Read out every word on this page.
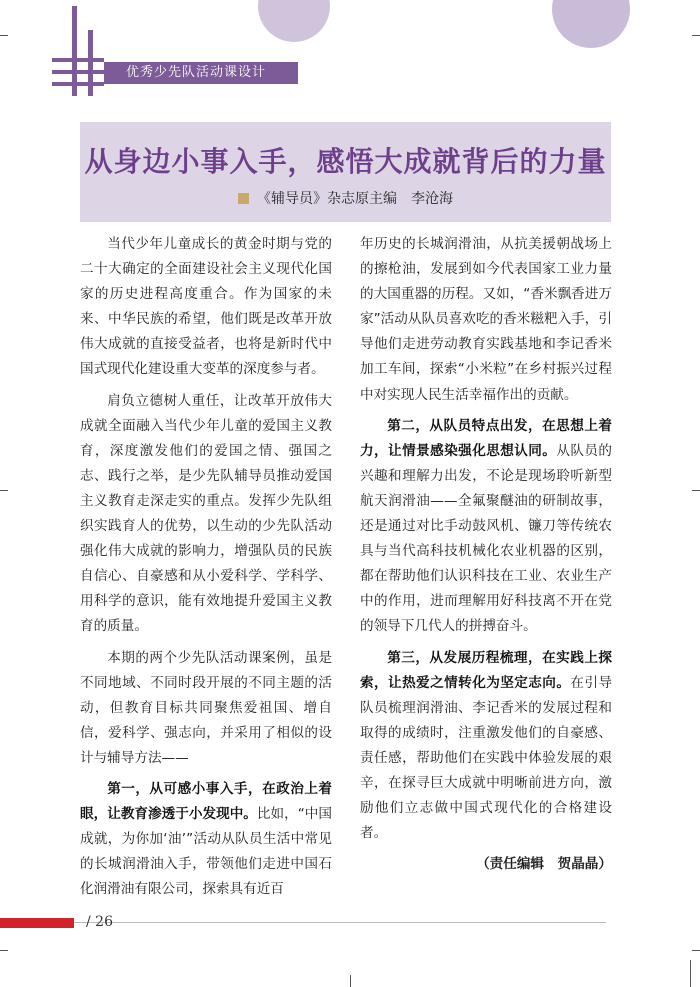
优秀少先队活动课设计
从身边小事入手，感悟大成就背后的力量
《辅导员》杂志原主编　李沧海

当代少年儿童成长的黄金时期与党的二十大确定的全面建设社会主义现代化国家的历史进程高度重合。作为国家的未来、中华民族的希望，他们既是改革开放伟大成就的直接受益者，也将是新时代中国式现代化建设重大变革的深度参与者。

肩负立德树人重任，让改革开放伟大成就全面融入当代少年儿童的爱国主义教育，深度激发他们的爱国之情、强国之志、践行之举，是少先队辅导员推动爱国主义教育走深走实的重点。发挥少先队组织实践育人的优势，以生动的少先队活动强化伟大成就的影响力，增强队员的民族自信心、自豪感和从小爱科学、学科学、用科学的意识，能有效地提升爱国主义教育的质量。

本期的两个少先队活动课案例，虽是不同地域、不同时段开展的不同主题的活动，但教育目标共同聚焦爱祖国、增自信，爱科学、强志向，并采用了相似的设计与辅导方法——

第一，从可感小事入手，在政治上着眼，让教育渗透于小发现中。比如，“中国成就，为你加‘油’”活动从队员生活中常见的长城润滑油入手，带领他们走进中国石化润滑油有限公司，探索具有近百

年历史的长城润滑油，从抗美援朝战场上的擦枪油，发展到如今代表国家工业力量的大国重器的历程。又如，“香米飘香进万家”活动从队员喜欢吃的香米糍粑入手，引导他们走进劳动教育实践基地和李记香米加工车间，探索“小米粒”在乡村振兴过程中对实现人民生活幸福作出的贡献。

第二，从队员特点出发，在思想上着力，让情景感染强化思想认同。从队员的兴趣和理解力出发，不论是现场聆听新型航天润滑油——全氟聚醚油的研制故事，还是通过对比手动鼓风机、镰刀等传统农具与当代高科技机械化农业机器的区别，都在帮助他们认识科技在工业、农业生产中的作用，进而理解用好科技离不开在党的领导下几代人的拼搏奋斗。

第三，从发展历程梳理，在实践上探索，让热爱之情转化为坚定志向。在引导队员梳理润滑油、李记香米的发展过程和取得的成绩时，注重激发他们的自豪感、责任感，帮助他们在实践中体验发展的艰辛，在探寻巨大成就中明晰前进方向，激励他们立志做中国式现代化的合格建设者。

（责任编辑　贺晶晶）
/ 26
